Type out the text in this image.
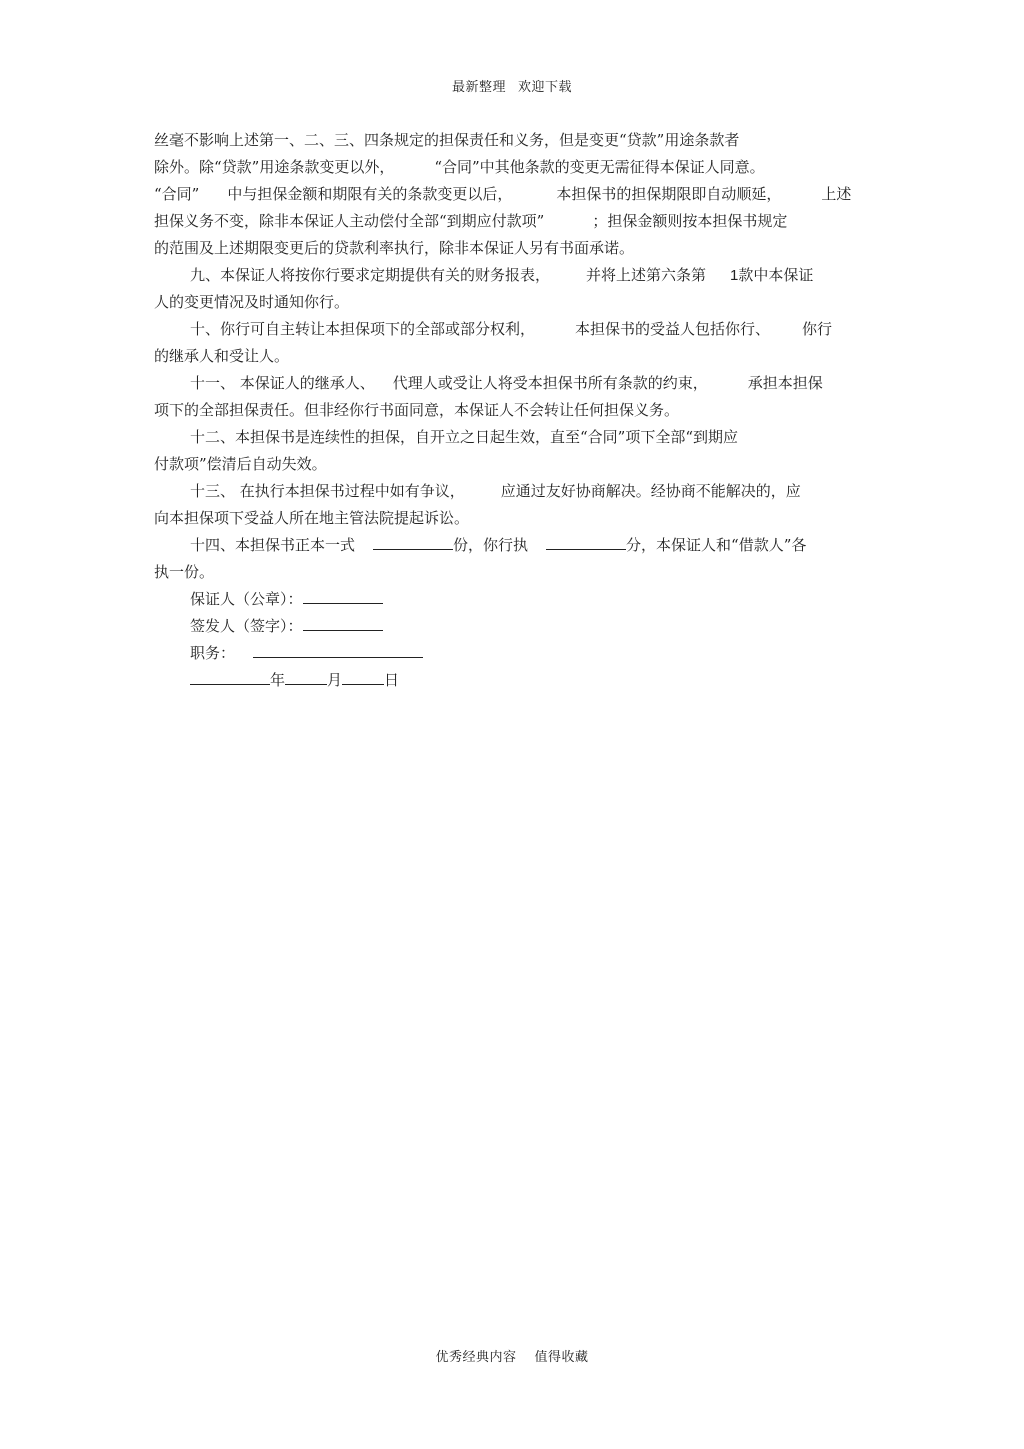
最新整理 欢迎下载
丝毫不影响上述第一、二、三、四条规定的担保责任和义务，但是变更“贷款”用途条款者
除外。除“贷款”用途条款变更以外，	“合同”中其他条款的变更无需征得本保证人同意。
“合同” 中与担保金额和期限有关的条款变更以后，	本担保书的担保期限即自动顺延，	上述
担保义务不变，除非本保证人主动偿付全部“到期应付款项”	；担保金额则按本担保书规定
的范围及上述期限变更后的贷款利率执行，除非本保证人另有书面承诺。
九、本保证人将按你行要求定期提供有关的财务报表， 并将上述第六条第 1款中本保证
人的变更情况及时通知你行。
十、你行可自主转让本担保项下的全部或部分权利，	本担保书的受益人包括你行、 你行
的继承人和受让人。
十一、 本保证人的继承人、 代理人或受让人将受本担保书所有条款的约束，	承担本担保
项下的全部担保责任。但非经你行书面同意，本保证人不会转让任何担保义务。
十二、本担保书是连续性的担保，自开立之日起生效，直至“合同”项下全部“到期应
付款项”偿清后自动失效。
十三、 在执行本担保书过程中如有争议， 应通过友好协商解决。经协商不能解决的，应
向本担保项下受益人所在地主管法院提起诉讼。
十四、本担保书正本一式	份，你行执	分，本保证人和“借款人”各
执一份。
保证人（公章）：
签发人（签字）：
职务：
年	月	日
优秀经典内容 值得收藏
